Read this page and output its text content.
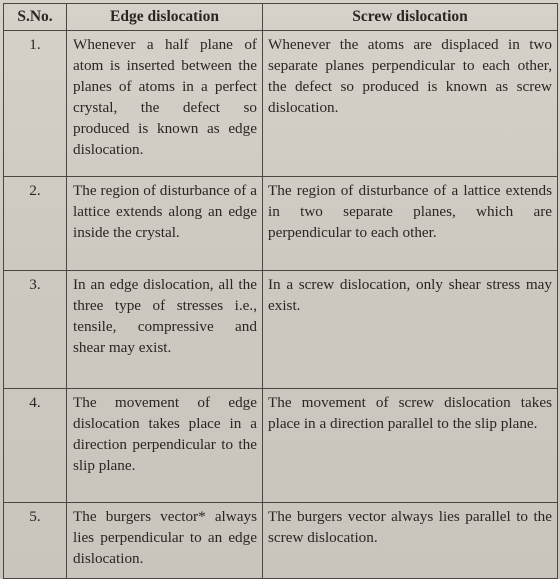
S.No.	Edge dislocation	Screw dislocation
1.	Whenever a half plane of atom is inserted between the planes of atoms in a perfect crystal, the defect so produced is known as edge dislocation.	Whenever the atoms are displaced in two separate planes perpendicular to each other, the defect so produced is known as screw dislocation.
2.	The region of disturbance of a lattice extends along an edge inside the crystal.	The region of disturbance of a lattice extends in two separate planes, which are perpendicular to each other.
3.	In an edge dislocation, all the three type of stresses i.e., tensile, compressive and shear may exist.	In a screw dislocation, only shear stress may exist.
4.	The movement of edge dislocation takes place in a direction perpendicular to the slip plane.	The movement of screw dislocation takes place in a direction parallel to the slip plane.
5.	The burgers vector* always lies perpendicular to an edge dislocation.	The burgers vector always lies parallel to the screw dislocation.
